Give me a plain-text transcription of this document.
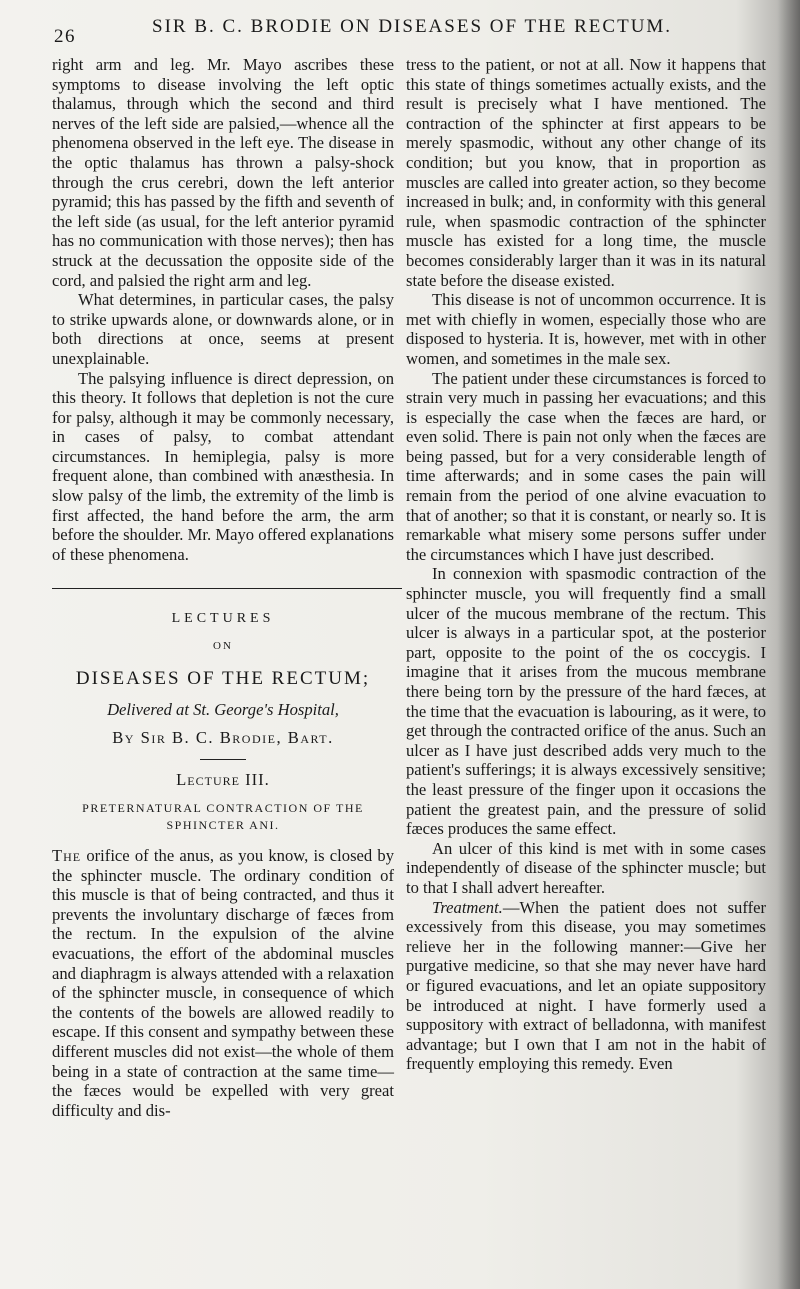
26	SIR B. C. BRODIE ON DISEASES OF THE RECTUM.

right arm and leg. Mr. Mayo ascribes these symptoms to disease involving the left optic thalamus, through which the second and third nerves of the left side are palsied,—whence all the phenomena observed in the left eye. The disease in the optic thalamus has thrown a palsy-shock through the crus cerebri, down the left anterior pyramid; this has passed by the fifth and seventh of the left side (as usual, for the left anterior pyramid has no communication with those nerves); then has struck at the decussation the opposite side of the cord, and palsied the right arm and leg.

What determines, in particular cases, the palsy to strike upwards alone, or downwards alone, or in both directions at once, seems at present unexplainable.

The palsying influence is direct depression, on this theory. It follows that depletion is not the cure for palsy, although it may be commonly necessary, in cases of palsy, to combat attendant circumstances. In hemiplegia, palsy is more frequent alone, than combined with anæsthesia. In slow palsy of the limb, the extremity of the limb is first affected, the hand before the arm, the arm before the shoulder. Mr. Mayo offered explanations of these phenomena.

LECTURES
ON
DISEASES OF THE RECTUM;
Delivered at St. George's Hospital,
By Sir B. C. Brodie, Bart.
Lecture III.
PRETERNATURAL CONTRACTION OF THE SPHINCTER ANI.

The orifice of the anus, as you know, is closed by the sphincter muscle. The ordinary condition of this muscle is that of being contracted, and thus it prevents the involuntary discharge of fæces from the rectum. In the expulsion of the alvine evacuations, the effort of the abdominal muscles and diaphragm is always attended with a relaxation of the sphincter muscle, in consequence of which the contents of the bowels are allowed readily to escape. If this consent and sympathy between these different muscles did not exist—the whole of them being in a state of contraction at the same time—the fæces would be expelled with very great difficulty and dis-

tress to the patient, or not at all. Now it happens that this state of things sometimes actually exists, and the result is precisely what I have mentioned. The contraction of the sphincter at first appears to be merely spasmodic, without any other change of its condition; but you know, that in proportion as muscles are called into greater action, so they become increased in bulk; and, in conformity with this general rule, when spasmodic contraction of the sphincter muscle has existed for a long time, the muscle becomes considerably larger than it was in its natural state before the disease existed.

This disease is not of uncommon occurrence. It is met with chiefly in women, especially those who are disposed to hysteria. It is, however, met with in other women, and sometimes in the male sex.

The patient under these circumstances is forced to strain very much in passing her evacuations; and this is especially the case when the fæces are hard, or even solid. There is pain not only when the fæces are being passed, but for a very considerable length of time afterwards; and in some cases the pain will remain from the period of one alvine evacuation to that of another; so that it is constant, or nearly so. It is remarkable what misery some persons suffer under the circumstances which I have just described.

In connexion with spasmodic contraction of the sphincter muscle, you will frequently find a small ulcer of the mucous membrane of the rectum. This ulcer is always in a particular spot, at the posterior part, opposite to the point of the os coccygis. I imagine that it arises from the mucous membrane there being torn by the pressure of the hard fæces, at the time that the evacuation is labouring, as it were, to get through the contracted orifice of the anus. Such an ulcer as I have just described adds very much to the patient's sufferings; it is always excessively sensitive; the least pressure of the finger upon it occasions the patient the greatest pain, and the pressure of solid fæces produces the same effect.

An ulcer of this kind is met with in some cases independently of disease of the sphincter muscle; but to that I shall advert hereafter.

Treatment.—When the patient does not suffer excessively from this disease, you may sometimes relieve her in the following manner:—Give her purgative medicine, so that she may never have hard or figured evacuations, and let an opiate suppository be introduced at night. I have formerly used a suppository with extract of belladonna, with manifest advantage; but I own that I am not in the habit of frequently employing this remedy. Even
